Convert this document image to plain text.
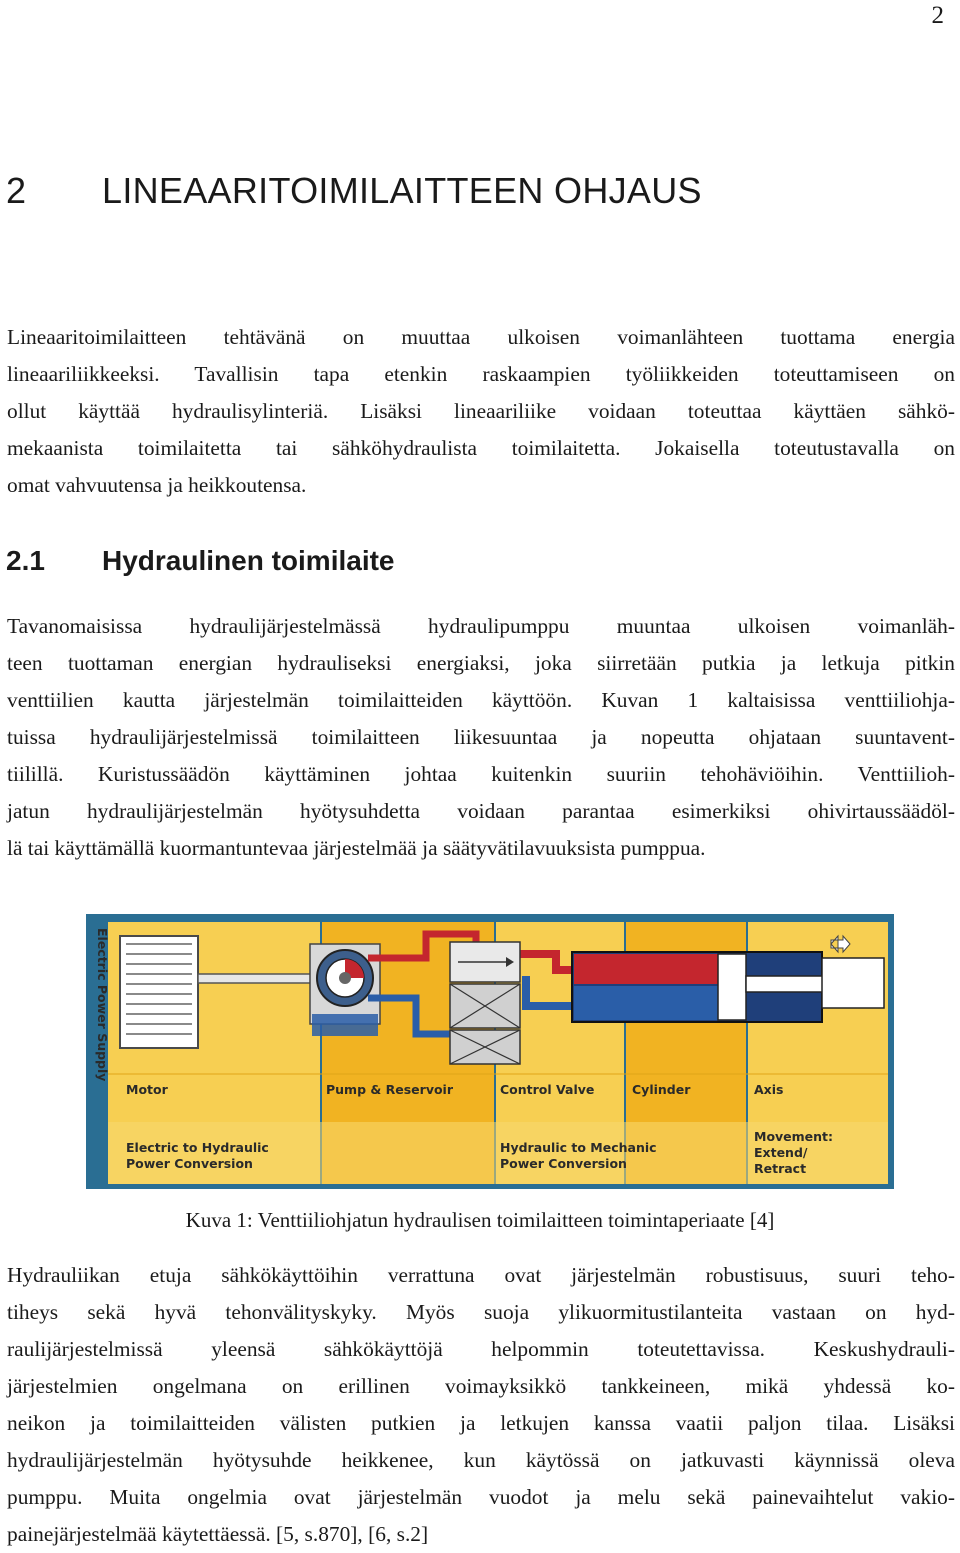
2
2 LINEAARITOIMILAITTEEN OHJAUS

Lineaaritoimilaitteen tehtävänä on muuttaa ulkoisen voimanlähteen tuottama energia
lineaariliikkeeksi. Tavallisin tapa etenkin raskaampien työliikkeiden toteuttamiseen on
ollut käyttää hydraulisylinteriä. Lisäksi lineaariliike voidaan toteuttaa käyttäen sähkö-
mekaanista toimilaitetta tai sähköhydraulista toimilaitetta. Jokaisella toteutustavalla on
omat vahvuutensa ja heikkoutensa.

2.1 Hydraulinen toimilaite

Tavanomaisissa hydraulijärjestelmässä hydraulipumppu muuntaa ulkoisen voimanläh-
teen tuottaman energian hydrauliseksi energiaksi, joka siirretään putkia ja letkuja pitkin
venttiilien kautta järjestelmän toimilaitteiden käyttöön. Kuvan 1 kaltaisissa venttiiliohja-
tuissa hydraulijärjestelmissä toimilaitteen liikesuuntaa ja nopeutta ohjataan suuntavent-
tiilillä. Kuristussäädön käyttäminen johtaa kuitenkin suuriin tehohäviöihin. Venttiilioh-
jatun hydraulijärjestelmän hyötysuhdetta voidaan parantaa esimerkiksi ohivirtaussäädöl-
lä tai käyttämällä kuormantuntevaa järjestelmää ja säätyvätilavuuksista pumppua.

Electric Power Supply
Motor	Pump & Reservoir	Control Valve	Cylinder	Axis
Electric to Hydraulic
Power Conversion
Hydraulic to Mechanic
Power Conversion
Movement:
Extend/
Retract

Kuva 1: Venttiiliohjatun hydraulisen toimilaitteen toimintaperiaate [4]

Hydrauliikan etuja sähkökäyttöihin verrattuna ovat järjestelmän robustisuus, suuri teho-
tiheys sekä hyvä tehonvälityskyky. Myös suoja ylikuormitustilanteita vastaan on hyd-
raulijärjestelmissä yleensä sähkökäyttöjä helpommin toteutettavissa. Keskushydrauli-
järjestelmien ongelmana on erillinen voimayksikkö tankkeineen, mikä yhdessä ko-
neikon ja toimilaitteiden välisten putkien ja letkujen kanssa vaatii paljon tilaa. Lisäksi
hydraulijärjestelmän hyötysuhde heikkenee, kun käytössä on jatkuvasti käynnissä oleva
pumppu. Muita ongelmia ovat järjestelmän vuodot ja melu sekä painevaihtelut vakio-
painejärjestelmää käytettäessä. [5, s.870], [6, s.2]
